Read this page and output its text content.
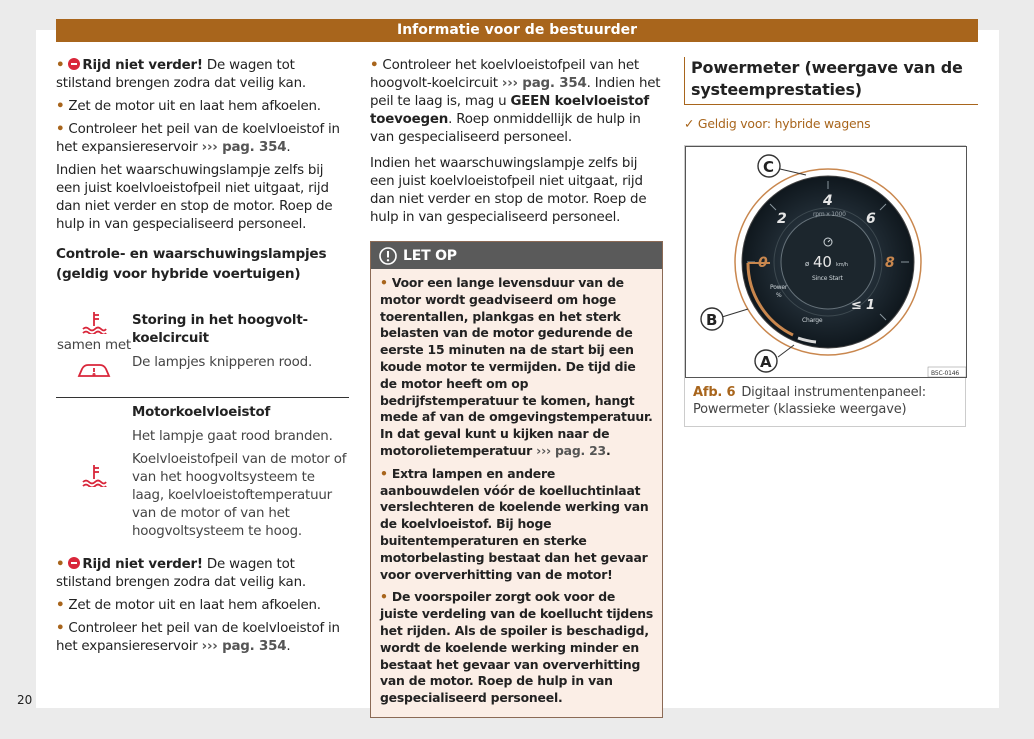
Informatie voor de bestuurder

• Rijd niet verder! De wagen tot stilstand brengen zodra dat veilig kan.

• Zet de motor uit en laat hem afkoelen.

• Controleer het peil van de koelvloeistof in het expansiereservoir ››› pag. 354.

Indien het waarschuwingslampje zelfs bij een juist koelvloeistofpeil niet uitgaat, rijd dan niet verder en stop de motor. Roep de hulp in van gespecialiseerd personeel.

Controle- en waarschuwingslampjes (geldig voor hybride voertuigen)
samen met
Storing in het hoogvolt-koelcircuit
De lampjes knipperen rood.
Motorkoelvloeistof
Het lampje gaat rood branden.
Koelvloeistofpeil van de motor of van het hoogvoltsysteem te laag, koelvloeistoftemperatuur van de motor of van het hoogvoltsysteem te hoog.

• Rijd niet verder! De wagen tot stilstand brengen zodra dat veilig kan.

• Zet de motor uit en laat hem afkoelen.

• Controleer het peil van de koelvloeistof in het expansiereservoir ››› pag. 354.

• Controleer het koelvloeistofpeil van het hoogvolt-koelcircuit ››› pag. 354. Indien het peil te laag is, mag u GEEN koelvloeistof toevoegen. Roep onmiddellijk de hulp in van gespecialiseerd personeel.

Indien het waarschuwingslampje zelfs bij een juist koelvloeistofpeil niet uitgaat, rijd dan niet verder en stop de motor. Roep de hulp in van gespecialiseerd personeel.

LET OP

• Voor een lange levensduur van de motor wordt geadviseerd om hoge toerentallen, plankgas en het sterk belasten van de motor gedurende de eerste 15 minuten na de start bij een koude motor te vermijden. De tijd die de motor heeft om op bedrijfstemperatuur te komen, hangt mede af van de omgevingstemperatuur. In dat geval kunt u kijken naar de motorolietemperatuur ››› pag. 23.

• Extra lampen en andere aanbouwdelen vóór de koelluchtinlaat verslechteren de koelende werking van de koelvloeistof. Bij hoge buitentemperaturen en sterke motorbelasting bestaat dan het gevaar voor oververhitting van de motor!

• De voorspoiler zorgt ook voor de juiste verdeling van de koellucht tijdens het rijden. Als de spoiler is beschadigd, wordt de koelende werking minder en bestaat het gevaar van oververhitting van de motor. Roep de hulp in van gespecialiseerd personeel.

Powermeter (weergave van de systeemprestaties)
✓ Geldig voor: hybride wagens
4
2	6
0	8
≤ 1
rpm x 1000
40
ø	km/h
Since Start
Power
%
Charge
C
B
A
B5C-0146
Afb. 6 Digitaal instrumentenpaneel: Powermeter (klassieke weergave)
20
